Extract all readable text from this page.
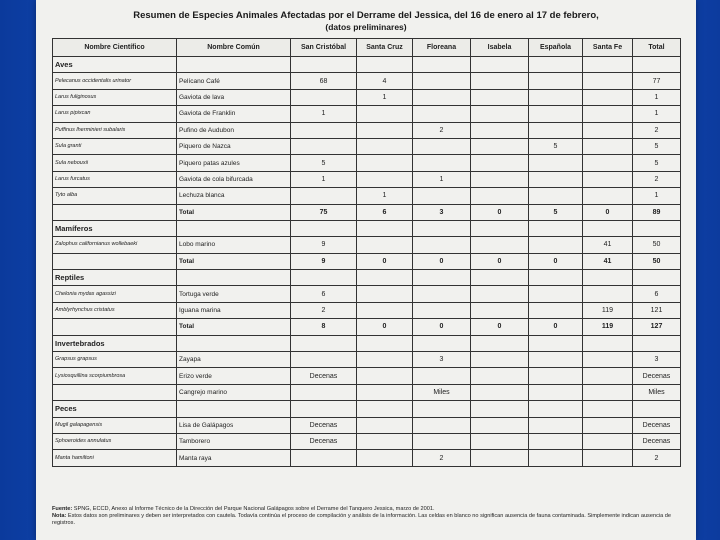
Resumen de Especies Animales Afectadas por el Derrame del Jessica, del 16 de enero al 17 de febrero,
(datos preliminares)
Nombre Científico	Nombre Común	San Cristóbal	Santa Cruz	Floreana	Isabela	Española	Santa Fe	Total
Aves								
Pelecanus occidentalis urinator	Pelícano Café	68	4					77
Larus fuliginosus	Gaviota de lava		1					1
Larus pipixcan	Gaviota de Franklin	1						1
Puffinus lherminieri subalaris	Pufino de Audubon			2				2
Sula granti	Piquero de Nazca					5		5
Sula nebouxii	Piquero patas azules	5						5
Larus furcatus	Gaviota de cola bifurcada	1		1				2
Tyto alba	Lechuza blanca		1					1
	Total	75	6	3	0	5	0	89
Mamíferos								
Zalophus californianus wollebaeki	Lobo marino	9					41	50
	Total	9	0	0	0	0	41	50
Reptiles								
Chelonia mydas agassizi	Tortuga verde	6						6
Amblyrhynchus cristatus	Iguana marina	2					119	121
	Total	8	0	0	0	0	119	127
Invertebrados								
Grapsus grapsus	Zayapa			3				3
Lysiosquillina scorpiumbrosa	Erizo verde	Decenas						Decenas
	Cangrejo marino			Miles				Miles
Peces								
Mugil galapagensis	Lisa de Galápagos	Decenas						Decenas
Sphoeroides annulatus	Tamborero	Decenas						Decenas
Manta hamiltoni	Manta raya			2				2
Fuente: SPNG, ECCD, Anexo al Informe Técnico de la Dirección del Parque Nacional Galápagos sobre el Derrame del Tanquero Jessica, marzo de 2001.
Nota: Estos datos son preliminares y deben ser interpretados con cautela. Todavía continúa el proceso de compilación y análisis de la información. Las celdas en blanco no significan ausencia de fauna contaminada. Simplemente indican ausencia de registros.
